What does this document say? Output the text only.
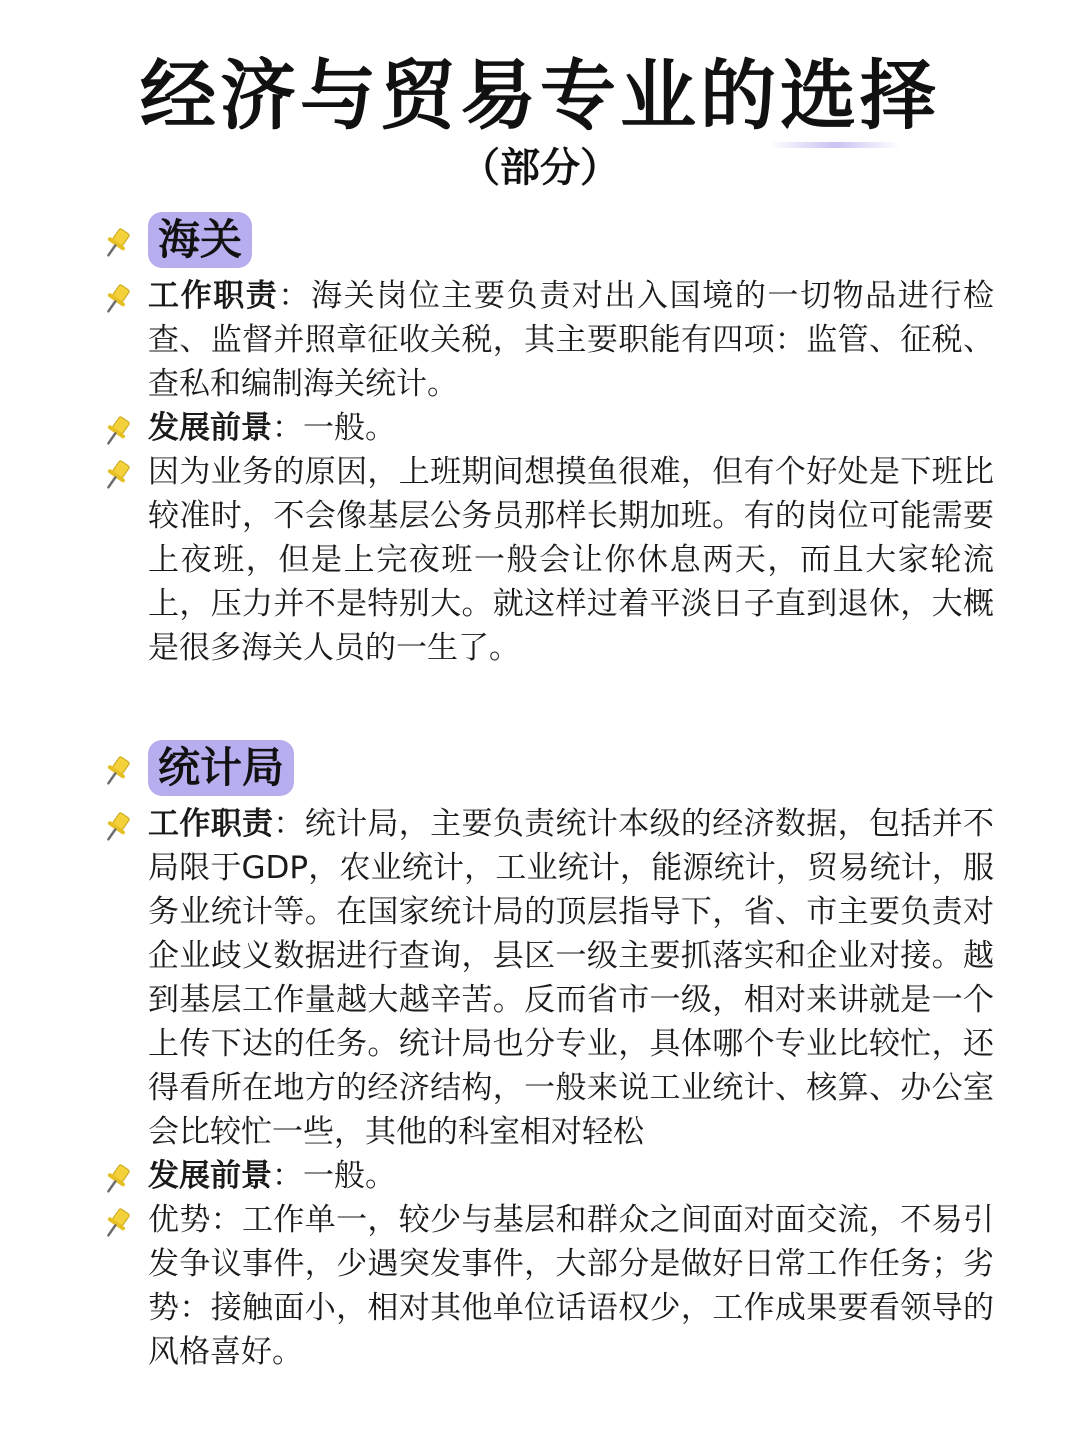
经济与贸易专业的选择
（部分）
海关
工作职责：海关岗位主要负责对出入国境的一切物品进行检查、监督并照章征收关税，其主要职能有四项：监管、征税、查私和编制海关统计。
发展前景：一般。
因为业务的原因，上班期间想摸鱼很难，但有个好处是下班比较准时，不会像基层公务员那样长期加班。有的岗位可能需要上夜班，但是上完夜班一般会让你休息两天，而且大家轮流上，压力并不是特别大。就这样过着平淡日子直到退休，大概是很多海关人员的一生了。
统计局
工作职责：统计局，主要负责统计本级的经济数据，包括并不局限于GDP，农业统计，工业统计，能源统计，贸易统计，服务业统计等。在国家统计局的顶层指导下，省、市主要负责对企业歧义数据进行查询，县区一级主要抓落实和企业对接。越到基层工作量越大越辛苦。反而省市一级，相对来讲就是一个上传下达的任务。统计局也分专业，具体哪个专业比较忙，还得看所在地方的经济结构，一般来说工业统计、核算、办公室会比较忙一些，其他的科室相对轻松
发展前景：一般。
优势：工作单一，较少与基层和群众之间面对面交流，不易引发争议事件，少遇突发事件，大部分是做好日常工作任务；劣势：接触面小，相对其他单位话语权少，工作成果要看领导的风格喜好。
